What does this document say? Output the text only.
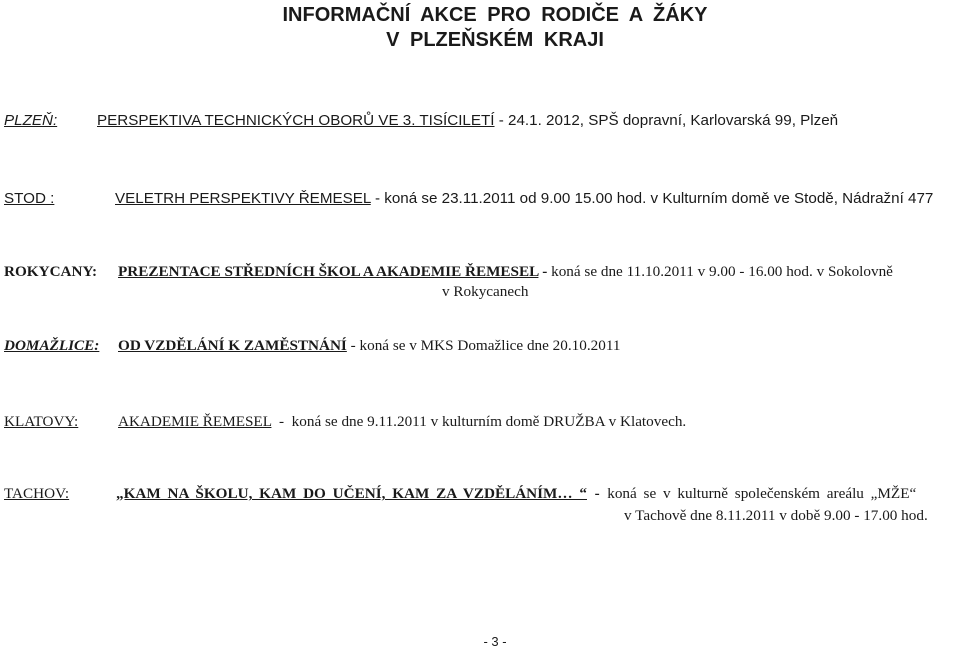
INFORMAČNÍ AKCE PRO RODIČE A ŽÁKY
V PLZEŇSKÉM KRAJI
PLZEŇ:	PERSPEKTIVA TECHNICKÝCH OBORŮ VE 3. TISÍCILETÍ - 24.1. 2012, SPŠ dopravní, Karlovarská 99, Plzeň
STOD :	VELETRH PERSPEKTIVY ŘEMESEL - koná se 23.11.2011 od 9.00 15.00 hod. v Kulturním domě ve Stodě, Nádražní 477
ROKYCANY: PREZENTACE STŘEDNÍCH ŠKOL A AKADEMIE ŘEMESEL - koná se dne 11.10.2011 v 9.00 - 16.00 hod. v Sokolovně
v Rokycanech
DOMAŽLICE: OD VZDĚLÁNÍ K ZAMĚSTNÁNÍ - koná se v MKS Domažlice dne 20.10.2011
KLATOVY:	AKADEMIE ŘEMESEL  -  koná se dne 9.11.2011 v kulturním domě DRUŽBA v Klatovech.
TACHOV:	„KAM NA ŠKOLU, KAM DO UČENÍ, KAM ZA VZDĚLÁNÍM… “  -  koná se v kulturně společenském areálu „MŽE“
v Tachově dne 8.11.2011 v době 9.00 - 17.00 hod.
- 3 -
